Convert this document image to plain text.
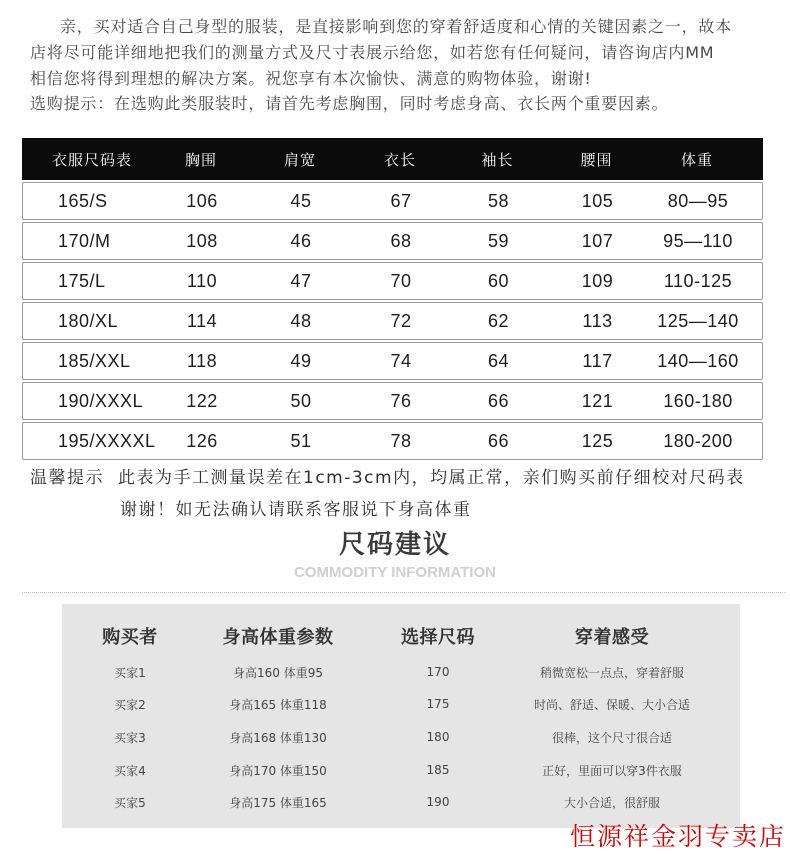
亲，买对适合自己身型的服装，是直接影响到您的穿着舒适度和心情的关键因素之一，故本
店将尽可能详细地把我们的测量方式及尺寸表展示给您，如若您有任何疑问，请咨询店内MM
相信您将得到理想的解决方案。祝您享有本次愉快、满意的购物体验，谢谢!
选购提示：在选购此类服装时，请首先考虑胸围，同时考虑身高、衣长两个重要因素。
衣服尺码表	胸围	肩宽	衣长	袖长	腰围	体重
165/S	106	45	67	58	105	80—95
170/M	108	46	68	59	107	95—110
175/L	110	47	70	60	109	110-125
180/XL	114	48	72	62	113	125—140
185/XXL	118	49	74	64	117	140—160
190/XXXL	122	50	76	66	121	160-180
195/XXXXL	126	51	78	66	125	180-200
温馨提示 此表为手工测量误差在1cm-3cm内，均属正常，亲们购买前仔细校对尺码表
谢谢！如无法确认请联系客服说下身高体重
尺码建议
COMMODITY INFORMATION
购买者	身高体重参数	选择尺码	穿着感受
买家1	身高160 体重95	170	稍微宽松一点点，穿着舒服
买家2	身高165 体重118	175	时尚、舒适、保暖、大小合适
买家3	身高168 体重130	180	很棒，这个尺寸很合适
买家4	身高170 体重150	185	正好，里面可以穿3件衣服
买家5	身高175 体重165	190	大小合适，很舒服
恒源祥金羽专卖店
